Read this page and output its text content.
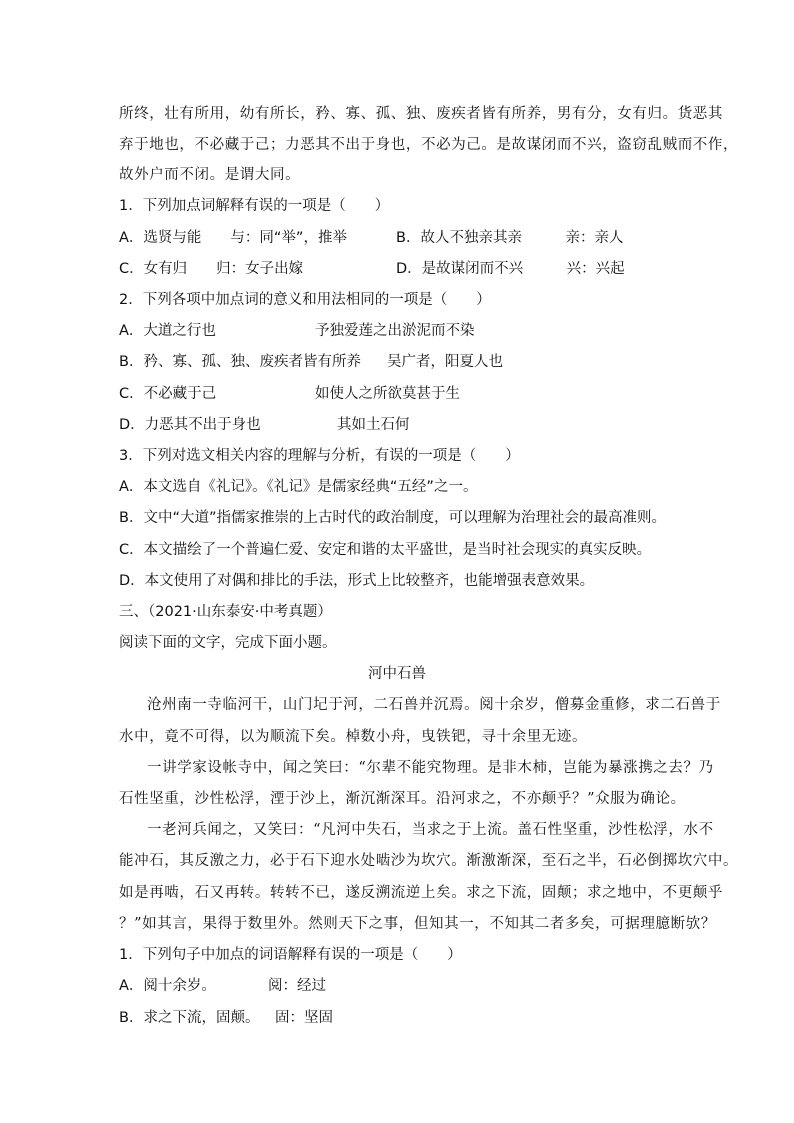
所终，壮有所用，幼有所长，矜、寡、孤、独、废疾者皆有所养，男有分，女有归。货恶其
弃于地也，不必藏于己；力恶其不出于身也，不必为己。是故谋闭而不兴，盗窃乱贼而不作，
故外户而不闭。是谓大同。
1．下列加点词解释有误的一项是（　　）
A．选贤与能　　与：同“举”，推举	B．故人不独亲其亲　　　亲：亲人
C．女有归　　归：女子出嫁	D．是故谋闭而不兴　　　兴：兴起
2．下列各项中加点词的意义和用法相同的一项是（　　）
A．大道之行也	予独爱莲之出淤泥而不染
B．矜、寡、孤、独、废疾者皆有所养 吴广者，阳夏人也
C．不必藏于己	如使人之所欲莫甚于生
D．力恶其不出于身也	其如土石何
3．下列对选文相关内容的理解与分析，有误的一项是（　　）
A．本文选自《礼记》。《礼记》是儒家经典“五经”之一。
B．文中“大道”指儒家推崇的上古时代的政治制度，可以理解为治理社会的最高准则。
C．本文描绘了一个普遍仁爱、安定和谐的太平盛世，是当时社会现实的真实反映。
D．本文使用了对偶和排比的手法，形式上比较整齐，也能增强表意效果。
三、（2021·山东泰安·中考真题）
阅读下面的文字，完成下面小题。
河中石兽
沧州南一寺临河干，山门圮于河，二石兽并沉焉。阅十余岁，僧募金重修，求二石兽于
水中，竟不可得，以为顺流下矣。棹数小舟，曳铁钯，寻十余里无迹。
一讲学家设帐寺中，闻之笑曰：“尔辈不能究物理。是非木柿，岂能为暴涨携之去？乃
石性坚重，沙性松浮，湮于沙上，渐沉渐深耳。沿河求之，不亦颠乎？”众服为确论。
一老河兵闻之，又笑曰：“凡河中失石，当求之于上流。盖石性坚重，沙性松浮，水不
能冲石，其反激之力，必于石下迎水处啮沙为坎穴。渐激渐深，至石之半，石必倒掷坎穴中。
如是再啮，石又再转。转转不已，遂反溯流逆上矣。求之下流，固颠；求之地中，不更颠乎
？”如其言，果得于数里外。然则天下之事，但知其一，不知其二者多矣，可据理臆断欤？
1．下列句子中加点的词语解释有误的一项是（　　）
A．阅十余岁。	阅：经过
B．求之下流，固颠。 固：坚固
